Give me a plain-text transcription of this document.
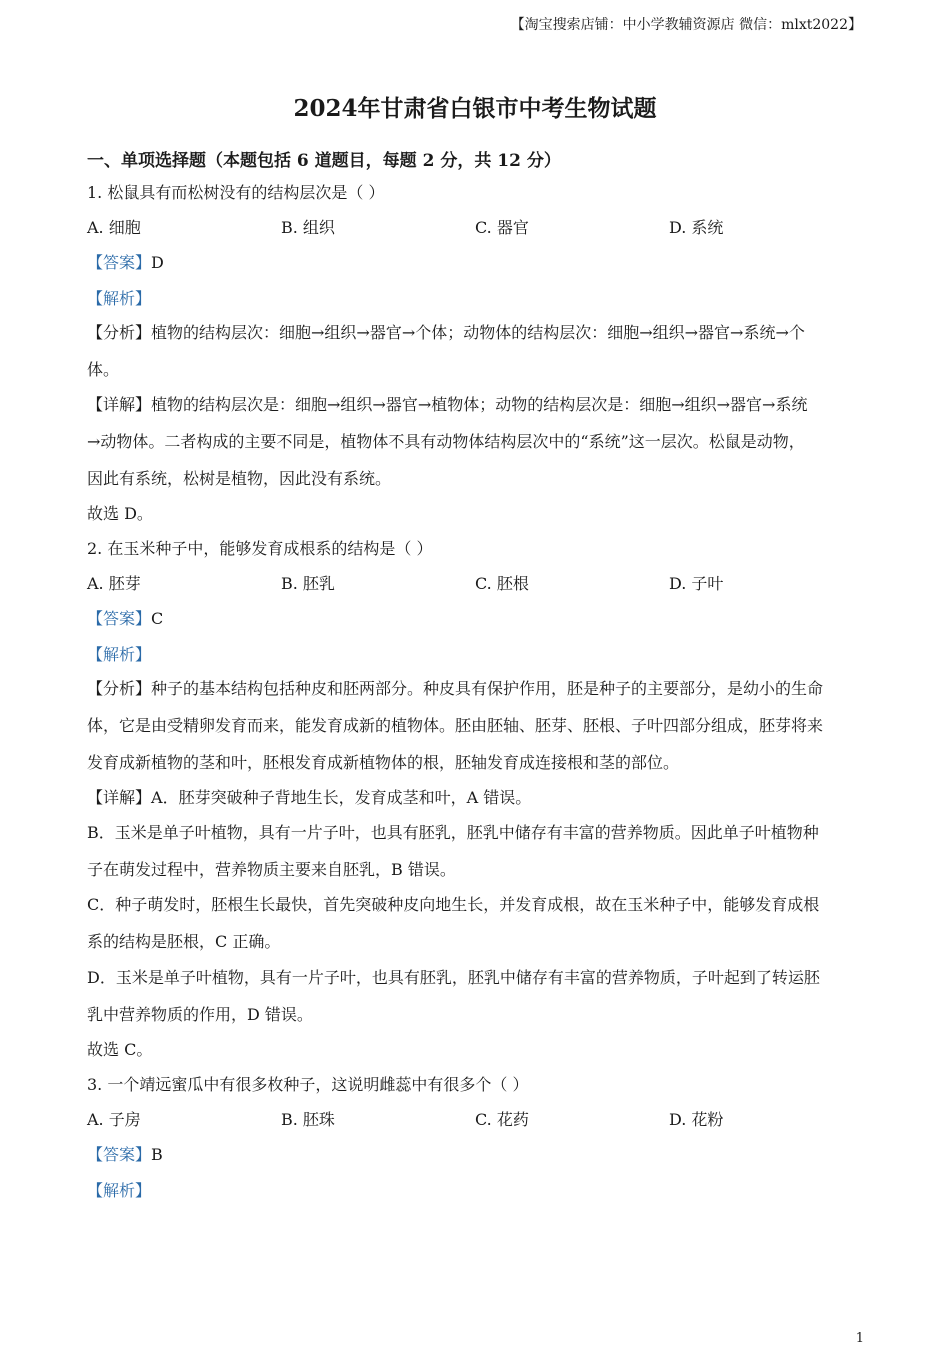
【淘宝搜索店铺：中小学教辅资源店 微信：mlxt2022】
2024年甘肃省白银市中考生物试题
一、单项选择题（本题包括 6 道题目，每题 2 分，共 12 分）
1. 松鼠具有而松树没有的结构层次是（ ）
A. 细胞	B. 组织	C. 器官	D. 系统
【答案】D
【解析】
【分析】植物的结构层次：细胞→组织→器官→个体；动物体的结构层次：细胞→组织→器官→系统→个
体。
【详解】植物的结构层次是：细胞→组织→器官→植物体；动物的结构层次是：细胞→组织→器官→系统
→动物体。二者构成的主要不同是，植物体不具有动物体结构层次中的“系统”这一层次。松鼠是动物，
因此有系统，松树是植物，因此没有系统。
故选 D。
2. 在玉米种子中，能够发育成根系的结构是（ ）
A. 胚芽	B. 胚乳	C. 胚根	D. 子叶
【答案】C
【解析】
【分析】种子的基本结构包括种皮和胚两部分。种皮具有保护作用，胚是种子的主要部分，是幼小的生命
体，它是由受精卵发育而来，能发育成新的植物体。胚由胚轴、胚芽、胚根、子叶四部分组成，胚芽将来
发育成新植物的茎和叶，胚根发育成新植物体的根，胚轴发育成连接根和茎的部位。
【详解】A．胚芽突破种子背地生长，发育成茎和叶，A 错误。
B．玉米是单子叶植物，具有一片子叶，也具有胚乳，胚乳中储存有丰富的营养物质。因此单子叶植物种
子在萌发过程中，营养物质主要来自胚乳，B 错误。
C．种子萌发时，胚根生长最快，首先突破种皮向地生长，并发育成根，故在玉米种子中，能够发育成根
系的结构是胚根，C 正确。
D．玉米是单子叶植物，具有一片子叶，也具有胚乳，胚乳中储存有丰富的营养物质，子叶起到了转运胚
乳中营养物质的作用，D 错误。
故选 C。
3. 一个靖远蜜瓜中有很多枚种子，这说明雌蕊中有很多个（ ）
A. 子房	B. 胚珠	C. 花药	D. 花粉
【答案】B
【解析】
1
